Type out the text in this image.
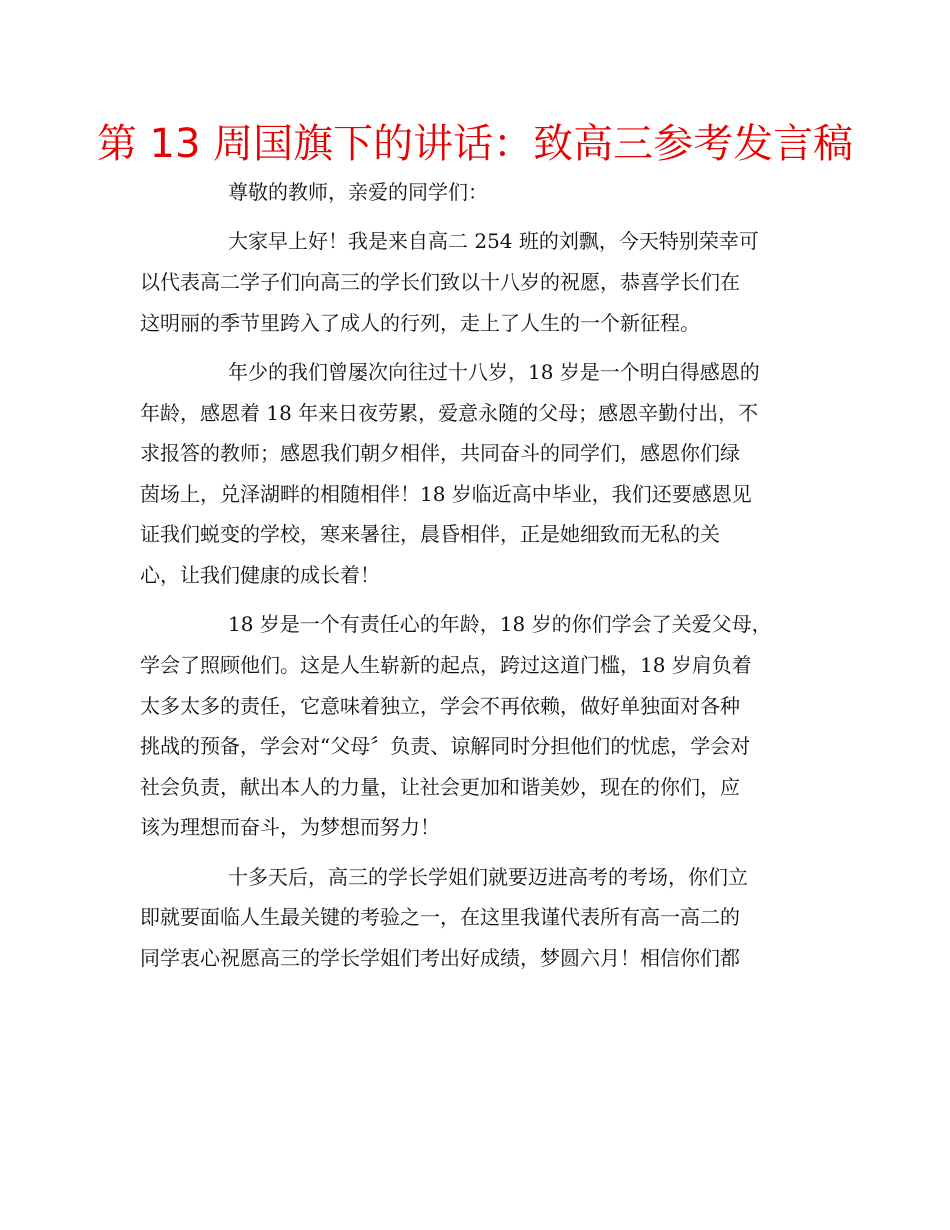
第 13 周国旗下的讲话：致高三参考发言稿

尊敬的教师，亲爱的同学们：

大家早上好！我是来自高二 254 班的刘飘，今天特别荣幸可
以代表高二学子们向高三的学长们致以十八岁的祝愿，恭喜学长们在
这明丽的季节里跨入了成人的行列，走上了人生的一个新征程。

年少的我们曾屡次向往过十八岁，18 岁是一个明白得感恩的
年龄，感恩着 18 年来日夜劳累，爱意永随的父母；感恩辛勤付出，不
求报答的教师；感恩我们朝夕相伴，共同奋斗的同学们，感恩你们绿
茵场上，兑泽湖畔的相随相伴！18 岁临近高中毕业，我们还要感恩见
证我们蜕变的学校，寒来暑往，晨昏相伴，正是她细致而无私的关
心，让我们健康的成长着！

18 岁是一个有责任心的年龄，18 岁的你们学会了关爱父母，
学会了照顾他们。这是人生崭新的起点，跨过这道门槛，18 岁肩负着
太多太多的责任，它意味着独立，学会不再依赖，做好单独面对各种
挑战的预备，学会对“父母〞负责、谅解同时分担他们的忧虑，学会对
社会负责，献出本人的力量，让社会更加和谐美妙，现在的你们，应
该为理想而奋斗，为梦想而努力！

十多天后，高三的学长学姐们就要迈进高考的考场，你们立
即就要面临人生最关键的考验之一，在这里我谨代表所有高一高二的
同学衷心祝愿高三的学长学姐们考出好成绩，梦圆六月！相信你们都
